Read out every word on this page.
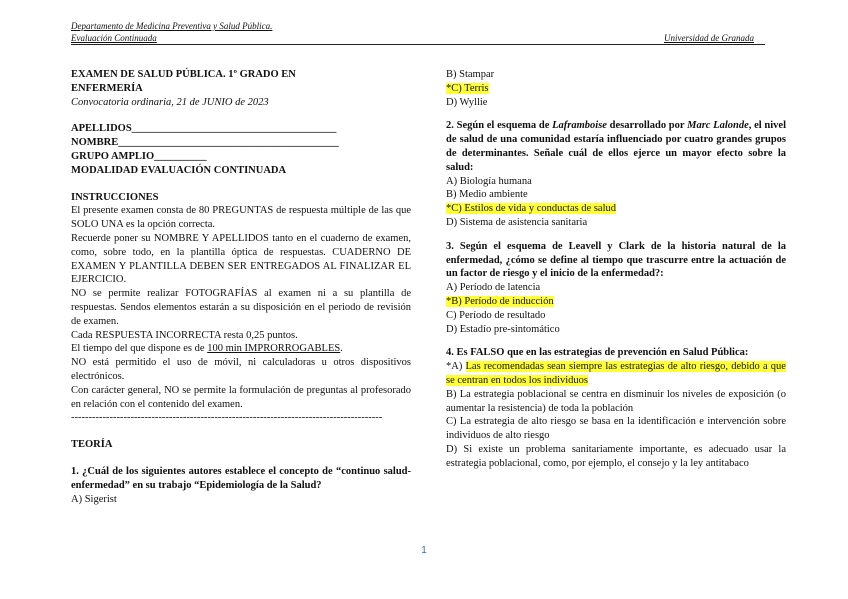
Departamento de Medicina Preventiva y Salud Pública.
Evaluación Continuada	Universidad de Granada

EXAMEN DE SALUD PÚBLICA. 1º GRADO EN

ENFERMERÍA

Convocatoria ordinaria, 21 de JUNIO de 2023

APELLIDOS_______________________________________

NOMBRE__________________________________________

GRUPO AMPLIO__________

MODALIDAD EVALUACIÓN CONTINUADA

INSTRUCCIONES

El presente examen consta de 80 PREGUNTAS de respuesta múltiple de las que SOLO UNA es la opción correcta.

Recuerde poner su NOMBRE Y APELLIDOS tanto en el cuaderno de examen, como, sobre todo, en la plantilla óptica de respuestas. CUADERNO DE EXAMEN Y PLANTILLA DEBEN SER ENTREGADOS AL FINALIZAR EL EJERCICIO.

NO se permite realizar FOTOGRAFÍAS al examen ni a su plantilla de respuestas. Sendos elementos estarán a su disposición en el periodo de revisión de examen.

Cada RESPUESTA INCORRECTA resta 0,25 puntos.

El tiempo del que dispone es de 100 min IMPRORROGABLES.

NO está permitido el uso de móvil, ni calculadoras u otros dispositivos electrónicos.

Con carácter general, NO se permite la formulación de preguntas al profesorado en relación con el contenido del examen.

-----------------------------------------------------------------------------------------

TEORÍA

1. ¿Cuál de los siguientes autores establece el concepto de “continuo salud-enfermedad” en su trabajo “Epidemiología de la Salud?

A) Sigerist

B) Stampar

*C) Terris

D) Wyllie

2. Según el esquema de Laframboise desarrollado por Marc Lalonde, el nivel de salud de una comunidad estaría influenciado por cuatro grandes grupos de determinantes. Señale cuál de ellos ejerce un mayor efecto sobre la salud:

A) Biología humana

B) Medio ambiente

*C) Estilos de vida y conductas de salud

D) Sistema de asistencia sanitaria

3. Según el esquema de Leavell y Clark de la historia natural de la enfermedad, ¿cómo se define al tiempo que trascurre entre la actuación de un factor de riesgo y el inicio de la enfermedad?:

A) Período de latencia

*B) Período de inducción

C) Período de resultado

D) Estadío pre-sintomático

4. Es FALSO que en las estrategias de prevención en Salud Pública:

*A) Las recomendadas sean siempre las estrategias de alto riesgo, debido a que se centran en todos los individuos

B) La estrategia poblacional se centra en disminuir los niveles de exposición (o aumentar la resistencia) de toda la población

C) La estrategia de alto riesgo se basa en la identificación e intervención sobre individuos de alto riesgo

D) Si existe un problema sanitariamente importante, es adecuado usar la estrategia poblacional, como, por ejemplo, el consejo y la ley antitabaco

1
